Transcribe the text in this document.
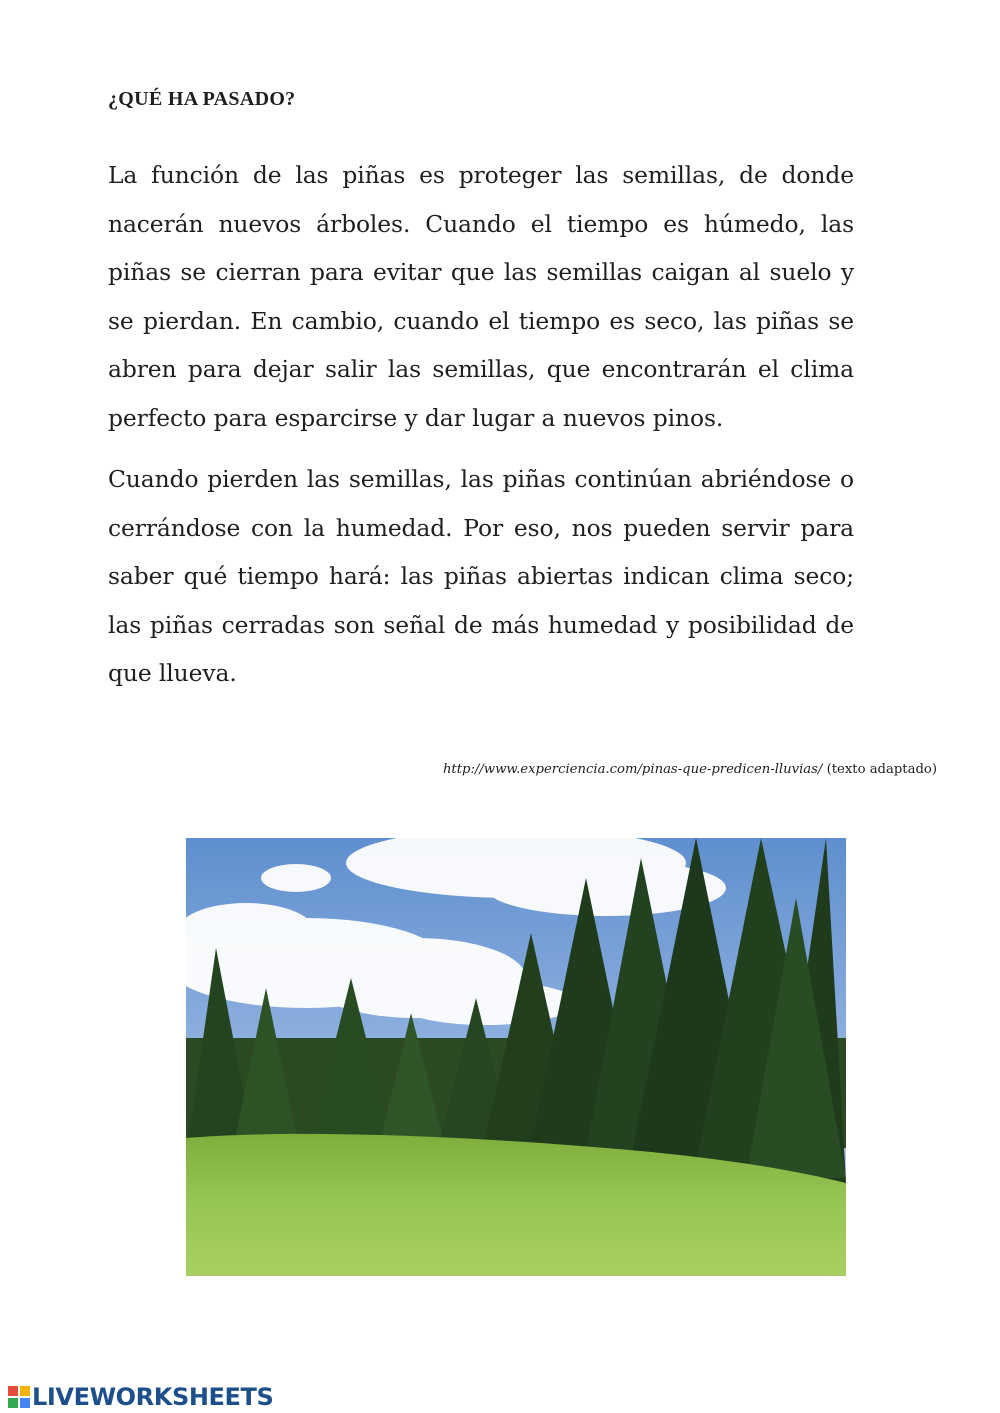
¿QUÉ HA PASADO?

La función de las piñas es proteger las semillas, de donde nacerán nuevos árboles. Cuando el tiempo es húmedo, las piñas se cierran para evitar que las semillas caigan al suelo y se pierdan. En cambio, cuando el tiempo es seco, las piñas se abren para dejar salir las semillas, que encontrarán el clima perfecto para esparcirse y dar lugar a nuevos pinos.

Cuando pierden las semillas, las piñas continúan abriéndose o cerrándose con la humedad. Por eso, nos pueden servir para saber qué tiempo hará: las piñas abiertas indican clima seco; las piñas cerradas son señal de más humedad y posibilidad de que llueva.

http://www.experciencia.com/pinas-que-predicen-lluvias/ (texto adaptado)
LIVEWORKSHEETS
